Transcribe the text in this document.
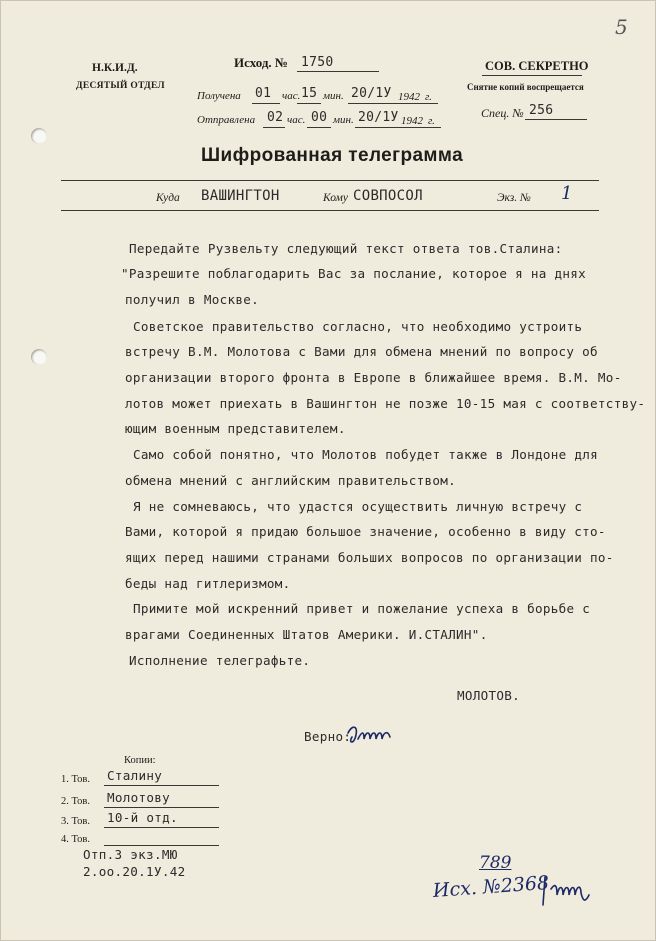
5
Н.К.И.Д.
ДЕСЯТЫЙ ОТДЕЛ
Исход. № 1750
Получена 01 час. 15 мин. 20/1У 1942 г.
Отправлена 02 час. 00 мин. 20/1У 1942 г.
СОВ. СЕКРЕТНО
Снятие копий воспрещается
Спец. № 256
Шифрованная телеграмма
Куда ВАШИНГТОН	Кому СОВПОСОЛ	Экз. № 1
Передайте Рузвельту следующий текст ответа тов.Сталина:
"Разрешите поблагодарить Вас за послание, которое я на днях
получил в Москве.
Советское правительство согласно, что необходимо устроить
встречу В.М. Молотова с Вами для обмена мнений по вопросу об
организации второго фронта в Европе в ближайшее время. В.М. Мо-
лотов может приехать в Вашингтон не позже 10-15 мая с соответству-
ющим военным представителем.
Само собой понятно, что Молотов побудет также в Лондоне для
обмена мнений с английским правительством.
Я не сомневаюсь, что удастся осуществить личную встречу с
Вами, которой я придаю большое значение, особенно в виду сто-
ящих перед нашими странами больших вопросов по организации по-
беды над гитлеризмом.
Примите мой искренний привет и пожелание успеха в борьбе с
врагами Соединенных Штатов Америки. И.СТАЛИН".
Исполнение телеграфьте.
МОЛОТОВ.
Верно:
Копии:
1. Тов. Сталину
2. Тов. Молотову
3. Тов. 10-й отд.
4. Тов.
Отп.3 экз.МЮ
2.оо.20.1У.42	789
Исх. №2368
